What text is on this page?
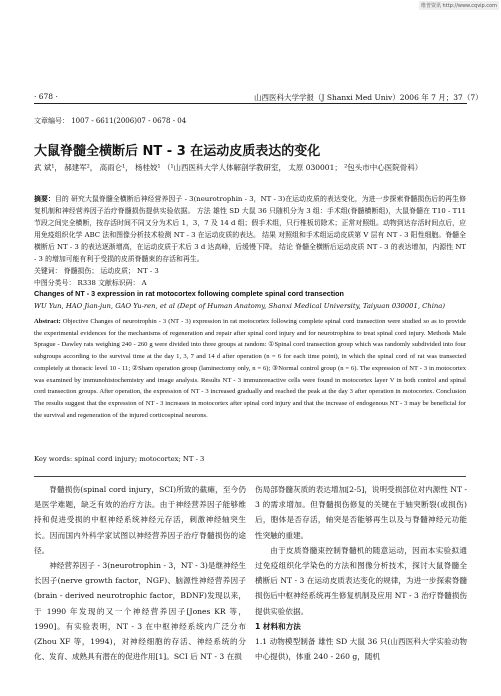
维普资讯 http://www.cqvip.com
· 678 ·	山西医科大学学报（J Shanxi Med Univ）2006 年 7 月；37（7）
文章编号： 1007 - 6611(2006)07 - 0678 - 04
大鼠脊髓全横断后 NT - 3 在运动皮质表达的变化
武 斌¹， 郝建军²， 高雨仑¹， 杨桂姣¹ （¹山西医科大学人体解剖学教研室， 太原 030001； ²包头市中心医院骨科）
摘要：目的 研究大鼠脊髓全横断后神经营养因子 - 3(neurotrophin - 3，NT - 3)在运动皮质的表达变化，为进一步探索脊髓损伤后的再生修复机制和神经营养因子治疗脊髓损伤提供实验依据。 方法 雄性 SD 大鼠 36 只随机分为 3 组：手术组(脊髓横断组)，大鼠脊髓在 T10 - T11 节段之间完全横断，按存活时间不同又分为术后 1，3，7 及 14 d 组；假手术组，只行椎板切除术；正常对照组。动物到达存活时间点后，应用免疫组织化学 ABC 法和图像分析技术检测 NT - 3 在运动皮质的表达。 结果 对照组和手术组运动皮质第 V 层有 NT - 3 阳性细胞。脊髓全横断后 NT - 3 的表达逐渐增高，在运动皮质于术后 3 d 达高峰，后缓慢下降。 结论 脊髓全横断后运动皮质 NT - 3 的表达增加，内源性 NT - 3 的增加可能有利于受损的皮质脊髓束的存活和再生。
关键词： 脊髓损伤； 运动皮质； NT - 3
中图分类号： R338 文献标识码： A
Changes of NT - 3 expression in rat motocortex following complete spinal cord transection
WU Yun, HAO Jian-jun, GAO Yu-ren, et al (Dept of Human Anatomy, Shanxi Medical University, Taiyuan 030001, China)
Abstract: Objective Changes of neurotrophin - 3 (NT - 3) expression in rat motocortex following complete spinal cord transection were studied so as to provide the experimental evidences for the mechanisms of regeneration and repair after spinal cord injury and for neurotrophins to treat spinal cord injury. Methods Male Sprague - Dawley rats weighing 240 - 260 g were divided into three groups at random: ①Spinal cord transection group which was randomly subdivided into four subgroups according to the survival time at the day 1, 3, 7 and 14 d after operation (n = 6 for each time point), in which the spinal cord of rat was transected completely at thoracic level 10 - 11; ②Sham operation group (laminectomy only, n = 6); ③Normal control group (n = 6). The expression of NT - 3 in motocortex was examined by immunohistochemistry and image analysis. Results NT - 3 immunoreactive cells were found in motocortex layer V in both control and spinal cord transection groups. After operation, the expression of NT - 3 increased gradually and reached the peak at the day 3 after operation in motocortex. Conclusion The results suggest that the expression of NT - 3 increases in motocortex after spinal cord injury and that the increase of endogenous NT - 3 may be beneficial for the survival and regeneration of the injured corticospinal neurons.
Key words: spinal cord injury; motocortex; NT - 3

脊髓损伤(spinal cord injury，SCI)所致的截瘫，至今仍是医学难题，缺乏有效的治疗方法。由于神经营养因子能够维持和促进受损的中枢神经系统神经元存活，刺激神经轴突生长。因而国内外科学家试图以神经营养因子治疗脊髓损伤的途径。

神经营养因子 - 3(neurotrophin - 3，NT - 3)是继神经生长因子(nerve growth factor，NGF)、脑源性神经营养因子(brain - derived neurotrophic factor，BDNF)发现以来，于 1990 年发现的又一个神经营养因子[Jones KR 等，1990]。有实验表明，NT - 3 在中枢神经系统内广泛分布(Zhou XF 等，1994)，对神经细胞的存活、神经系统的分化、发育、成熟具有潜在的促进作用[1]。SCI 后 NT - 3 在损

伤局部脊髓灰质的表达增加[2-5]，说明受损部位对内源性 NT - 3 的需求增加。但脊髓损伤修复的关键在于轴突断裂(或损伤)后，胞体是否存活，轴突是否能够再生以及与脊髓神经元功能性突触的重建。

由于皮质脊髓束控制脊髓机的随意运动，因而本实验拟通过免疫组织化学染色的方法和图像分析技术，探讨大鼠脊髓全横断后 NT - 3 在运动皮质表达变化的规律，为进一步探索脊髓损伤后中枢神经系统再生修复机制及应用 NT - 3 治疗脊髓损伤提供实验依据。

1 材料和方法

1.1 动物模型制备 雄性 SD 大鼠 36 只(山西医科大学实验动物中心提供)，体重 240 - 260 g，随机
